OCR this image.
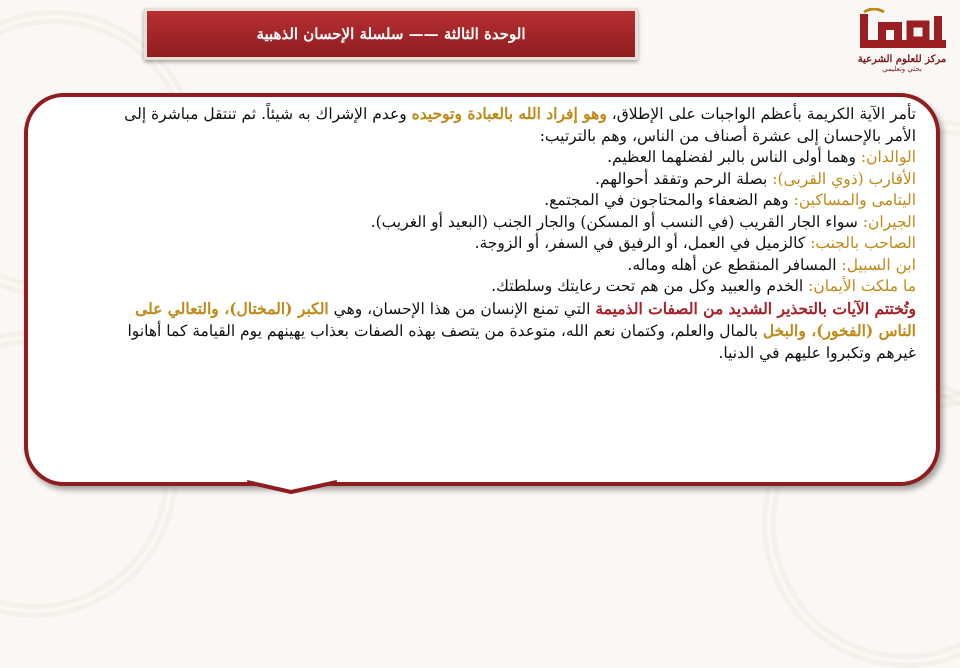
الوحدة الثالثة —— سلسلة الإحسان الذهبية
مركز للعلوم الشرعية
بحثي وتعليمي

تأمر الآية الكريمة بأعظم الواجبات على الإطلاق، وهو إفراد الله بالعبادة وتوحيده وعدم الإشراك به شيئاً. ثم تنتقل مباشرة إلى الأمر بالإحسان إلى عشرة أصناف من الناس، وهم بالترتيب:

الوالدان: وهما أولى الناس بالبر لفضلهما العظيم.

الأقارب (ذوي القربى): بصلة الرحم وتفقد أحوالهم.

اليتامى والمساكين: وهم الضعفاء والمحتاجون في المجتمع.

الجيران: سواء الجار القريب (في النسب أو المسكن) والجار الجنب (البعيد أو الغريب).

الصاحب بالجنب: كالزميل في العمل، أو الرفيق في السفر، أو الزوجة.

ابن السبيل: المسافر المنقطع عن أهله وماله.

ما ملكت الأيمان: الخدم والعبيد وكل من هم تحت رعايتك وسلطتك.

وتُختتم الآيات بالتحذير الشديد من الصفات الذميمة التي تمنع الإنسان من هذا الإحسان، وهي الكبر (المختال)، والتعالي على الناس (الفخور)، والبخل بالمال والعلم، وكتمان نعم الله، متوعدة من يتصف بهذه الصفات بعذاب يهينهم يوم القيامة كما أهانوا غيرهم وتكبروا عليهم في الدنيا.
